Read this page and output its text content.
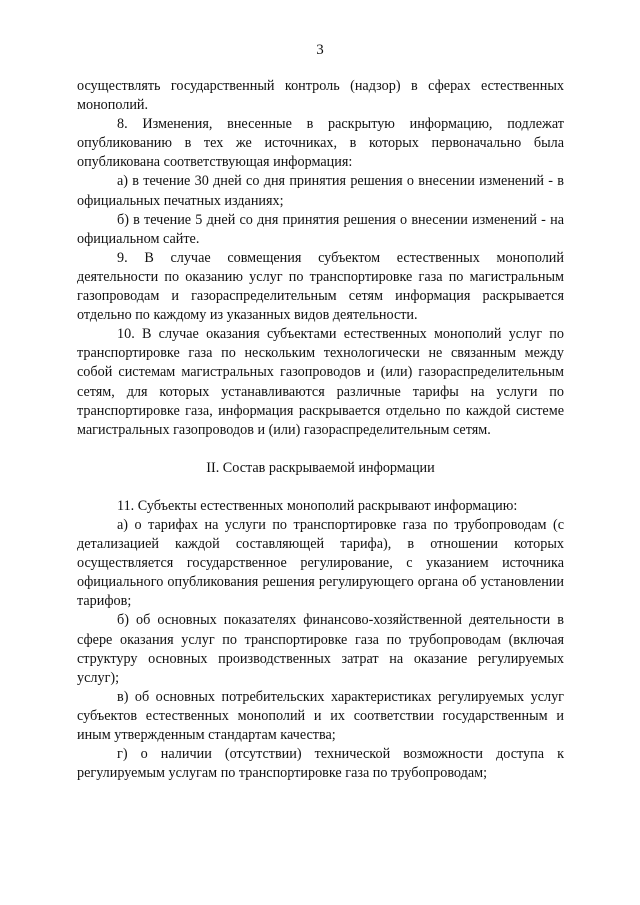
3

осуществлять государственный контроль (надзор) в сферах естественных монополий.

8. Изменения, внесенные в раскрытую информацию, подлежат опубликованию в тех же источниках, в которых первоначально была опубликована соответствующая информация:

а) в течение 30 дней со дня принятия решения о внесении изменений - в официальных печатных изданиях;

б) в течение 5 дней со дня принятия решения о внесении изменений - на официальном сайте.

9. В случае совмещения субъектом естественных монополий деятельности по оказанию услуг по транспортировке газа по магистральным газопроводам и газораспределительным сетям информация раскрывается отдельно по каждому из указанных видов деятельности.

10. В случае оказания субъектами естественных монополий услуг по транспортировке газа по нескольким технологически не связанным между собой системам магистральных газопроводов и (или) газораспределительным сетям, для которых устанавливаются различные тарифы на услуги по транспортировке газа, информация раскрывается отдельно по каждой системе магистральных газопроводов и (или) газораспределительным сетям.

II. Состав раскрываемой информации

11. Субъекты естественных монополий раскрывают информацию:

а) о тарифах на услуги по транспортировке газа по трубопроводам (с детализацией каждой составляющей тарифа), в отношении которых осуществляется государственное регулирование, с указанием источника официального опубликования решения регулирующего органа об установлении тарифов;

б) об основных показателях финансово-хозяйственной деятельности в сфере оказания услуг по транспортировке газа по трубопроводам (включая структуру основных производственных затрат на оказание регулируемых услуг);

в) об основных потребительских характеристиках регулируемых услуг субъектов естественных монополий и их соответствии государственным и иным утвержденным стандартам качества;

г) о наличии (отсутствии) технической возможности доступа к регулируемым услугам по транспортировке газа по трубопроводам;
